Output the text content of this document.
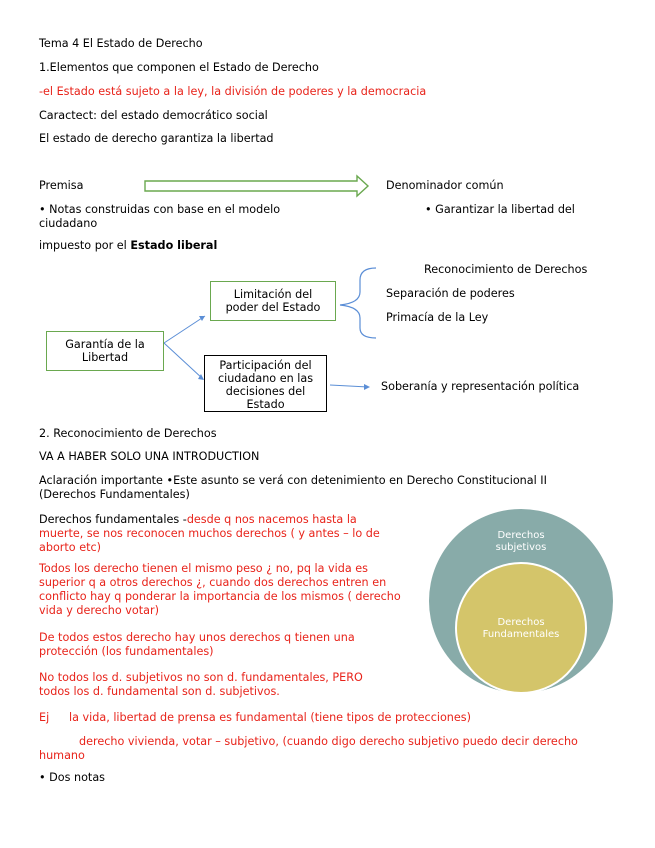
Tema 4 El Estado de Derecho
1.Elementos que componen el Estado de Derecho
-el Estado está sujeto a la ley, la división de poderes y la democracia
Caractect: del estado democrático social
El estado de derecho garantiza la libertad
Premisa	Denominador común
• Notas construidas con base en el modelo ciudadano
• Garantizar la libertad del
impuesto por el Estado liberal
Garantía de la Libertad
Limitación del poder del Estado
Participación del ciudadano en las decisiones del Estado
Reconocimiento de Derechos
Separación de poderes
Primacía de la Ley
Soberanía y representación política
2. Reconocimiento de Derechos
VA A HABER SOLO UNA INTRODUCTION
Aclaración importante •Este asunto se verá con detenimiento en Derecho Constitucional II (Derechos Fundamentales)
Derechos fundamentales -desde q nos nacemos hasta la muerte, se nos reconocen muchos derechos ( y antes – lo de aborto etc)
Todos los derecho tienen el mismo peso ¿ no, pq la vida es superior q a otros derechos ¿, cuando dos derechos entren en conflicto hay q ponderar la importancia de los mismos ( derecho vida y derecho votar)
De todos estos derecho hay unos derechos q tienen una protección (los fundamentales)
No todos los d. subjetivos no son d. fundamentales, PERO todos los d. fundamental son d. subjetivos.
Ej la vida, libertad de prensa es fundamental (tiene tipos de protecciones)
derecho vivienda, votar – subjetivo, (cuando digo derecho subjetivo puedo decir derecho humano
• Dos notas
Derechos subjetivos
Derechos Fundamentales
